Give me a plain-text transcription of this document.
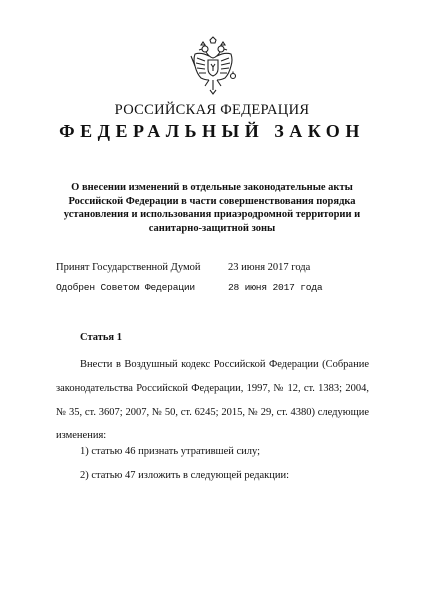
РОССИЙСКАЯ ФЕДЕРАЦИЯ
ФЕДЕРАЛЬНЫЙ ЗАКОН
О внесении изменений в отдельные законодательные акты
Российской Федерации в части совершенствования порядка
установления и использования приаэродромной территории и
санитарно-защитной зоны
Принят Государственной Думой	23 июня 2017 года
Одобрен Советом Федерации	28 июня 2017 года
Статья 1
Внести в Воздушный кодекс Российской Федерации (Собрание
законодательства Российской Федерации, 1997, № 12, ст. 1383; 2004,
№ 35, ст. 3607; 2007, № 50, ст. 6245; 2015, № 29, ст. 4380) следующие
изменения:
1) статью 46 признать утратившей силу;
2) статью 47 изложить в следующей редакции:
